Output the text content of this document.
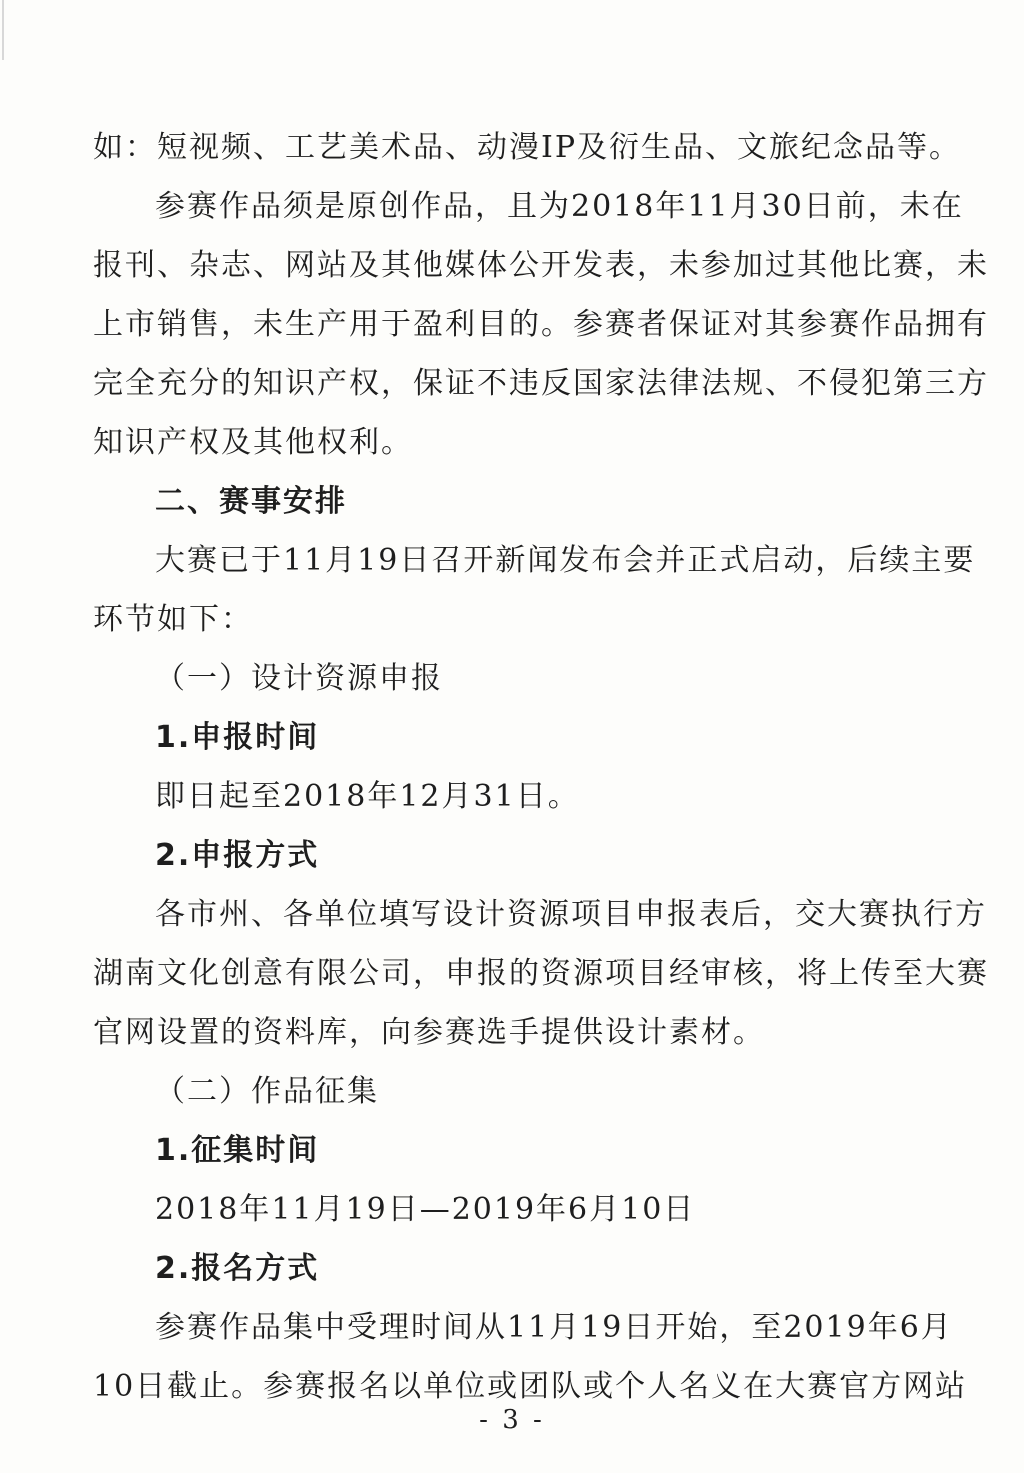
如：短视频、工艺美术品、动漫IP及衍生品、文旅纪念品等。
参赛作品须是原创作品，且为2018年11月30日前，未在
报刊、杂志、网站及其他媒体公开发表，未参加过其他比赛，未
上市销售，未生产用于盈利目的。参赛者保证对其参赛作品拥有
完全充分的知识产权，保证不违反国家法律法规、不侵犯第三方
知识产权及其他权利。
二、赛事安排
大赛已于11月19日召开新闻发布会并正式启动，后续主要
环节如下：
（一）设计资源申报
1.申报时间
即日起至2018年12月31日。
2.申报方式
各市州、各单位填写设计资源项目申报表后，交大赛执行方
湖南文化创意有限公司，申报的资源项目经审核，将上传至大赛
官网设置的资料库，向参赛选手提供设计素材。
（二）作品征集
1.征集时间
2018年11月19日—2019年6月10日
2.报名方式
参赛作品集中受理时间从11月19日开始，至2019年6月
10日截止。参赛报名以单位或团队或个人名义在大赛官方网站
- 3 -
